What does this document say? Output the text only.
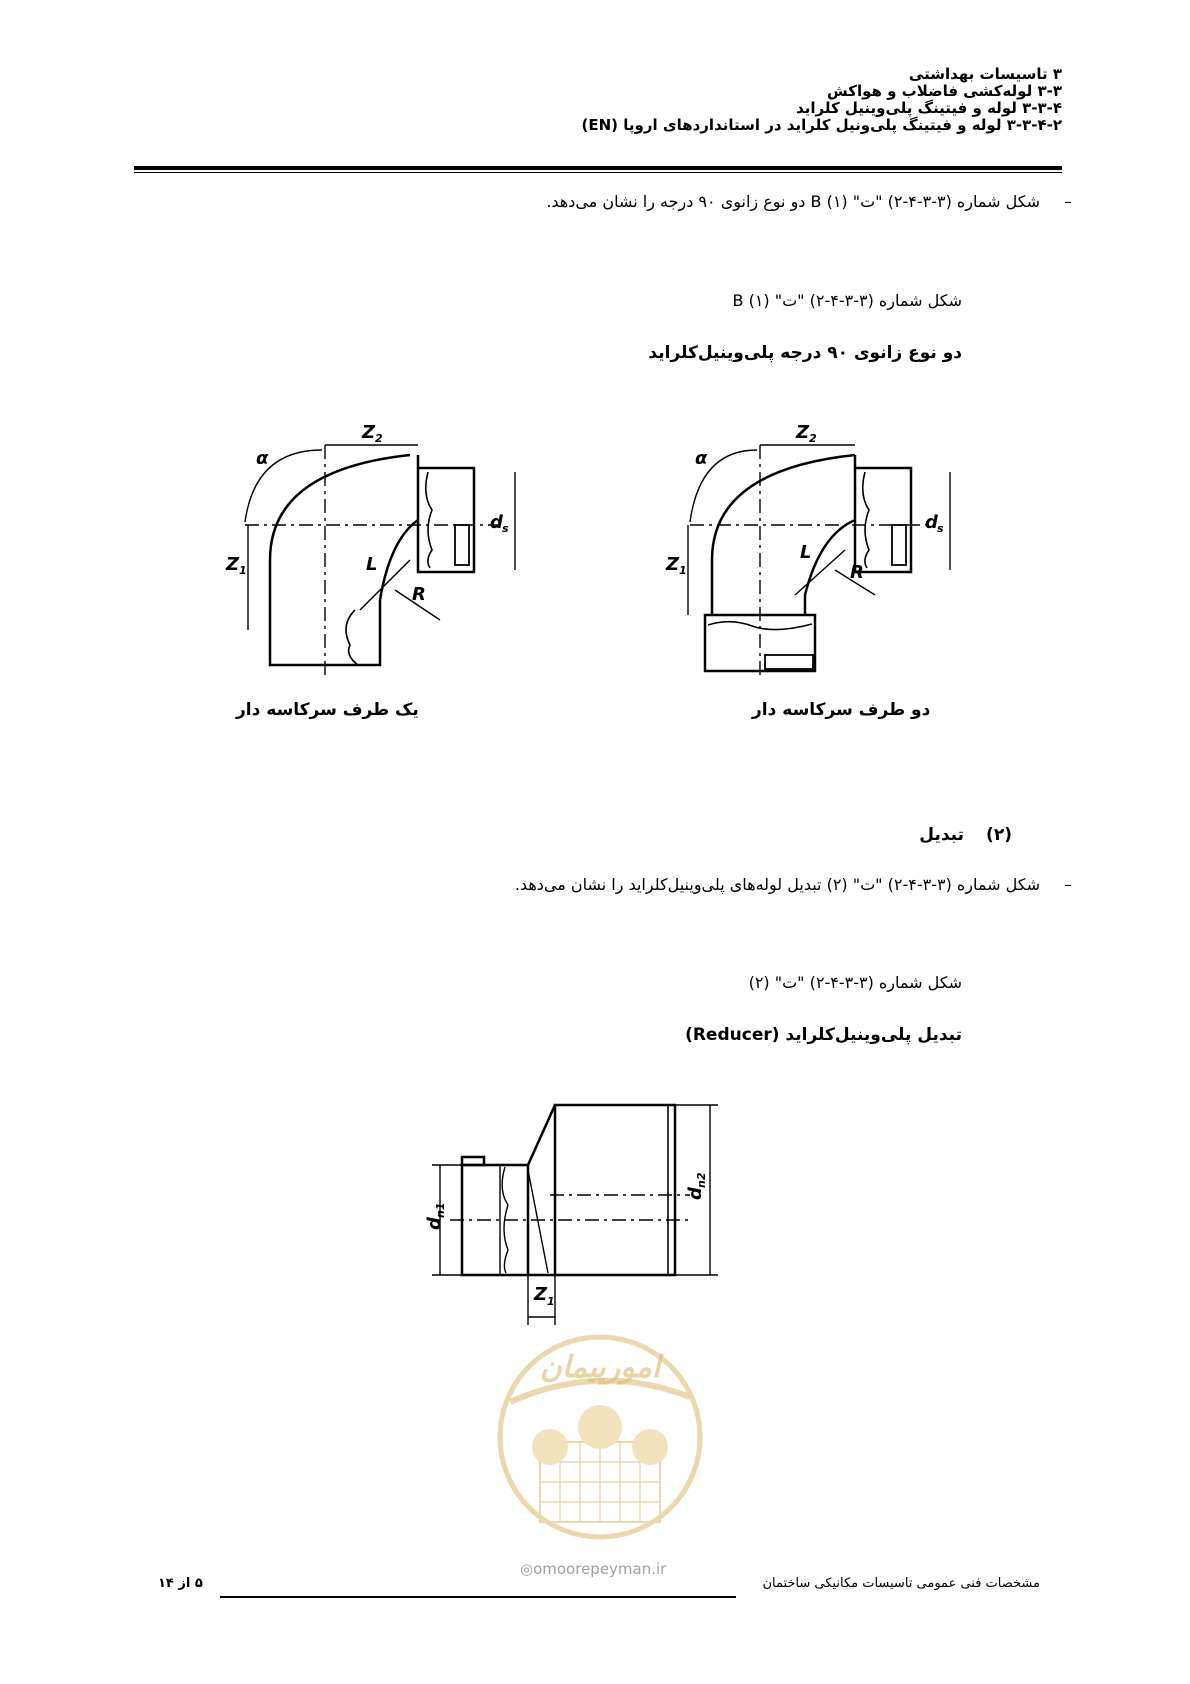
۳ تاسیسات بهداشتی
۳-۳ لوله‌کشی فاضلاب و هواکش
۳-۳-۴ لوله و فیتینگ پلی‌وینیل کلراید
۳-۳-۴-۲ لوله و فیتینگ پلی‌ونیل کلراید در استانداردهای اروپا (EN)
–
شکل شماره (۳-۳-۴-۲) "ت" (۱) B دو نوع زانوی ۹۰ درجه را نشان می‌دهد.
شکل شماره (۳-۳-۴-۲) "ت" (۱) B
دو نوع زانوی ۹۰ درجه پلی‌وینیل‌کلراید
α
Z 2
Z 1
d s
L
R
α
Z 2
Z 1
d s
L
R
یک طرف سرکاسه دار	دو طرف سرکاسه دار
(۲)
تبدیل
–
شکل شماره (۳-۳-۴-۲) "ت" (۲) تبدیل لوله‌های پلی‌وینیل‌کلراید را نشان می‌دهد.
شکل شماره (۳-۳-۴-۲) "ت" (۲)
تبدیل پلی‌وینیل‌کلراید (Reducer)
d
n1
d
n2
Z 1
امورپیمان
◎omoorepeyman.ir
مشخصات فنی عمومی تاسیسات مکانیکی ساختمان
۵ از ۱۴
